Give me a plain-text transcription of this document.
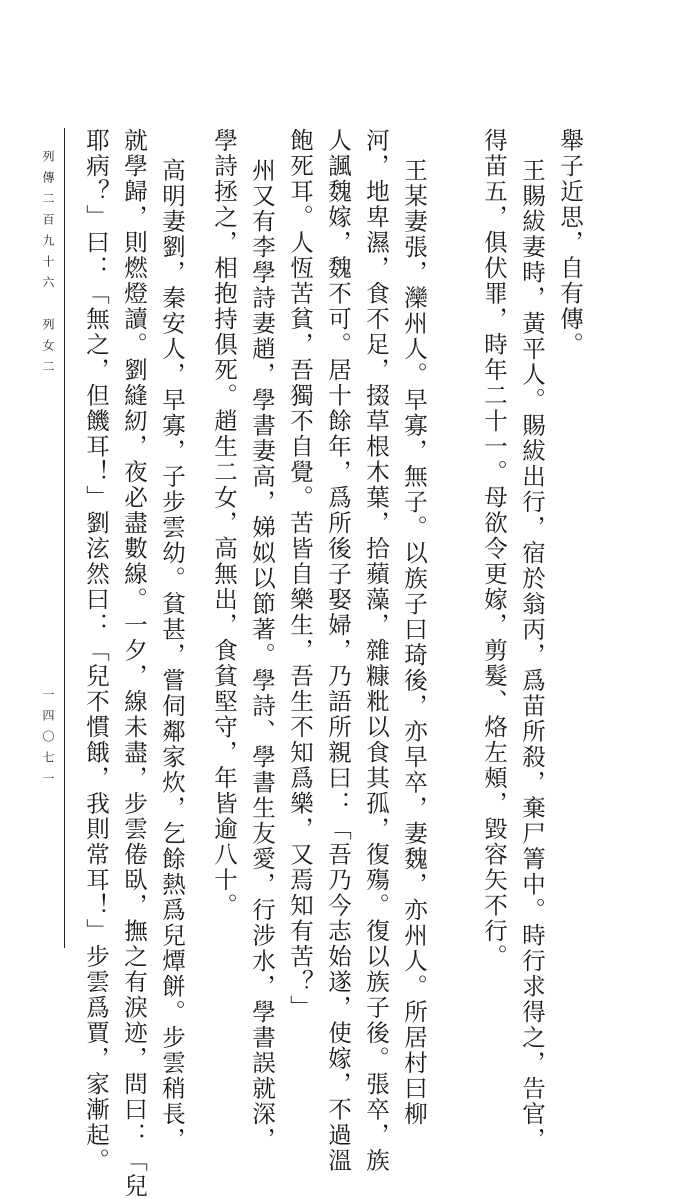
舉子近思，自有傳。
王賜紱妻時，黃平人。賜紱出行，宿於翁丙，爲苗所殺，棄尸箐中。時行求得之，告官，
得苗五，俱伏罪，時年二十一。母欲令更嫁，剪髮、烙左頰，毀容矢不行。
王某妻張，灤州人。早寡，無子。以族子曰琦後，亦早卒，妻魏，亦州人。所居村曰柳
河，地卑濕，食不足，掇草根木葉，拾蘋藻，雜糠粃以食其孤，復殤。復以族子後。張卒，族
人諷魏嫁，魏不可。居十餘年，爲所後子娶婦，乃語所親曰：「吾乃今志始遂，使嫁，不過溫
飽死耳。人恆苦貧，吾獨不自覺。苦皆自樂生，吾生不知爲樂，又焉知有苦？」
州又有李學詩妻趙，學書妻高，娣姒以節著。學詩、學書生友愛，行涉水，學書誤就深，
學詩拯之，相抱持俱死。趙生二女，高無出，食貧堅守，年皆逾八十。
高明妻劉，秦安人，早寡，子步雲幼。貧甚，嘗伺鄰家炊，乞餘熱爲兒燂餅。步雲稍長，
就學歸，則燃燈讀。劉縫紉，夜必盡數線。一夕，線未盡，步雲倦臥，撫之有淚迹，問曰：「兒
耶病？」曰：「無之，但饑耳！」劉泫然曰：「兒不慣餓，我則常耳！」步雲爲賈，家漸起。
列傳二百九十六　列女二
一四〇七一
